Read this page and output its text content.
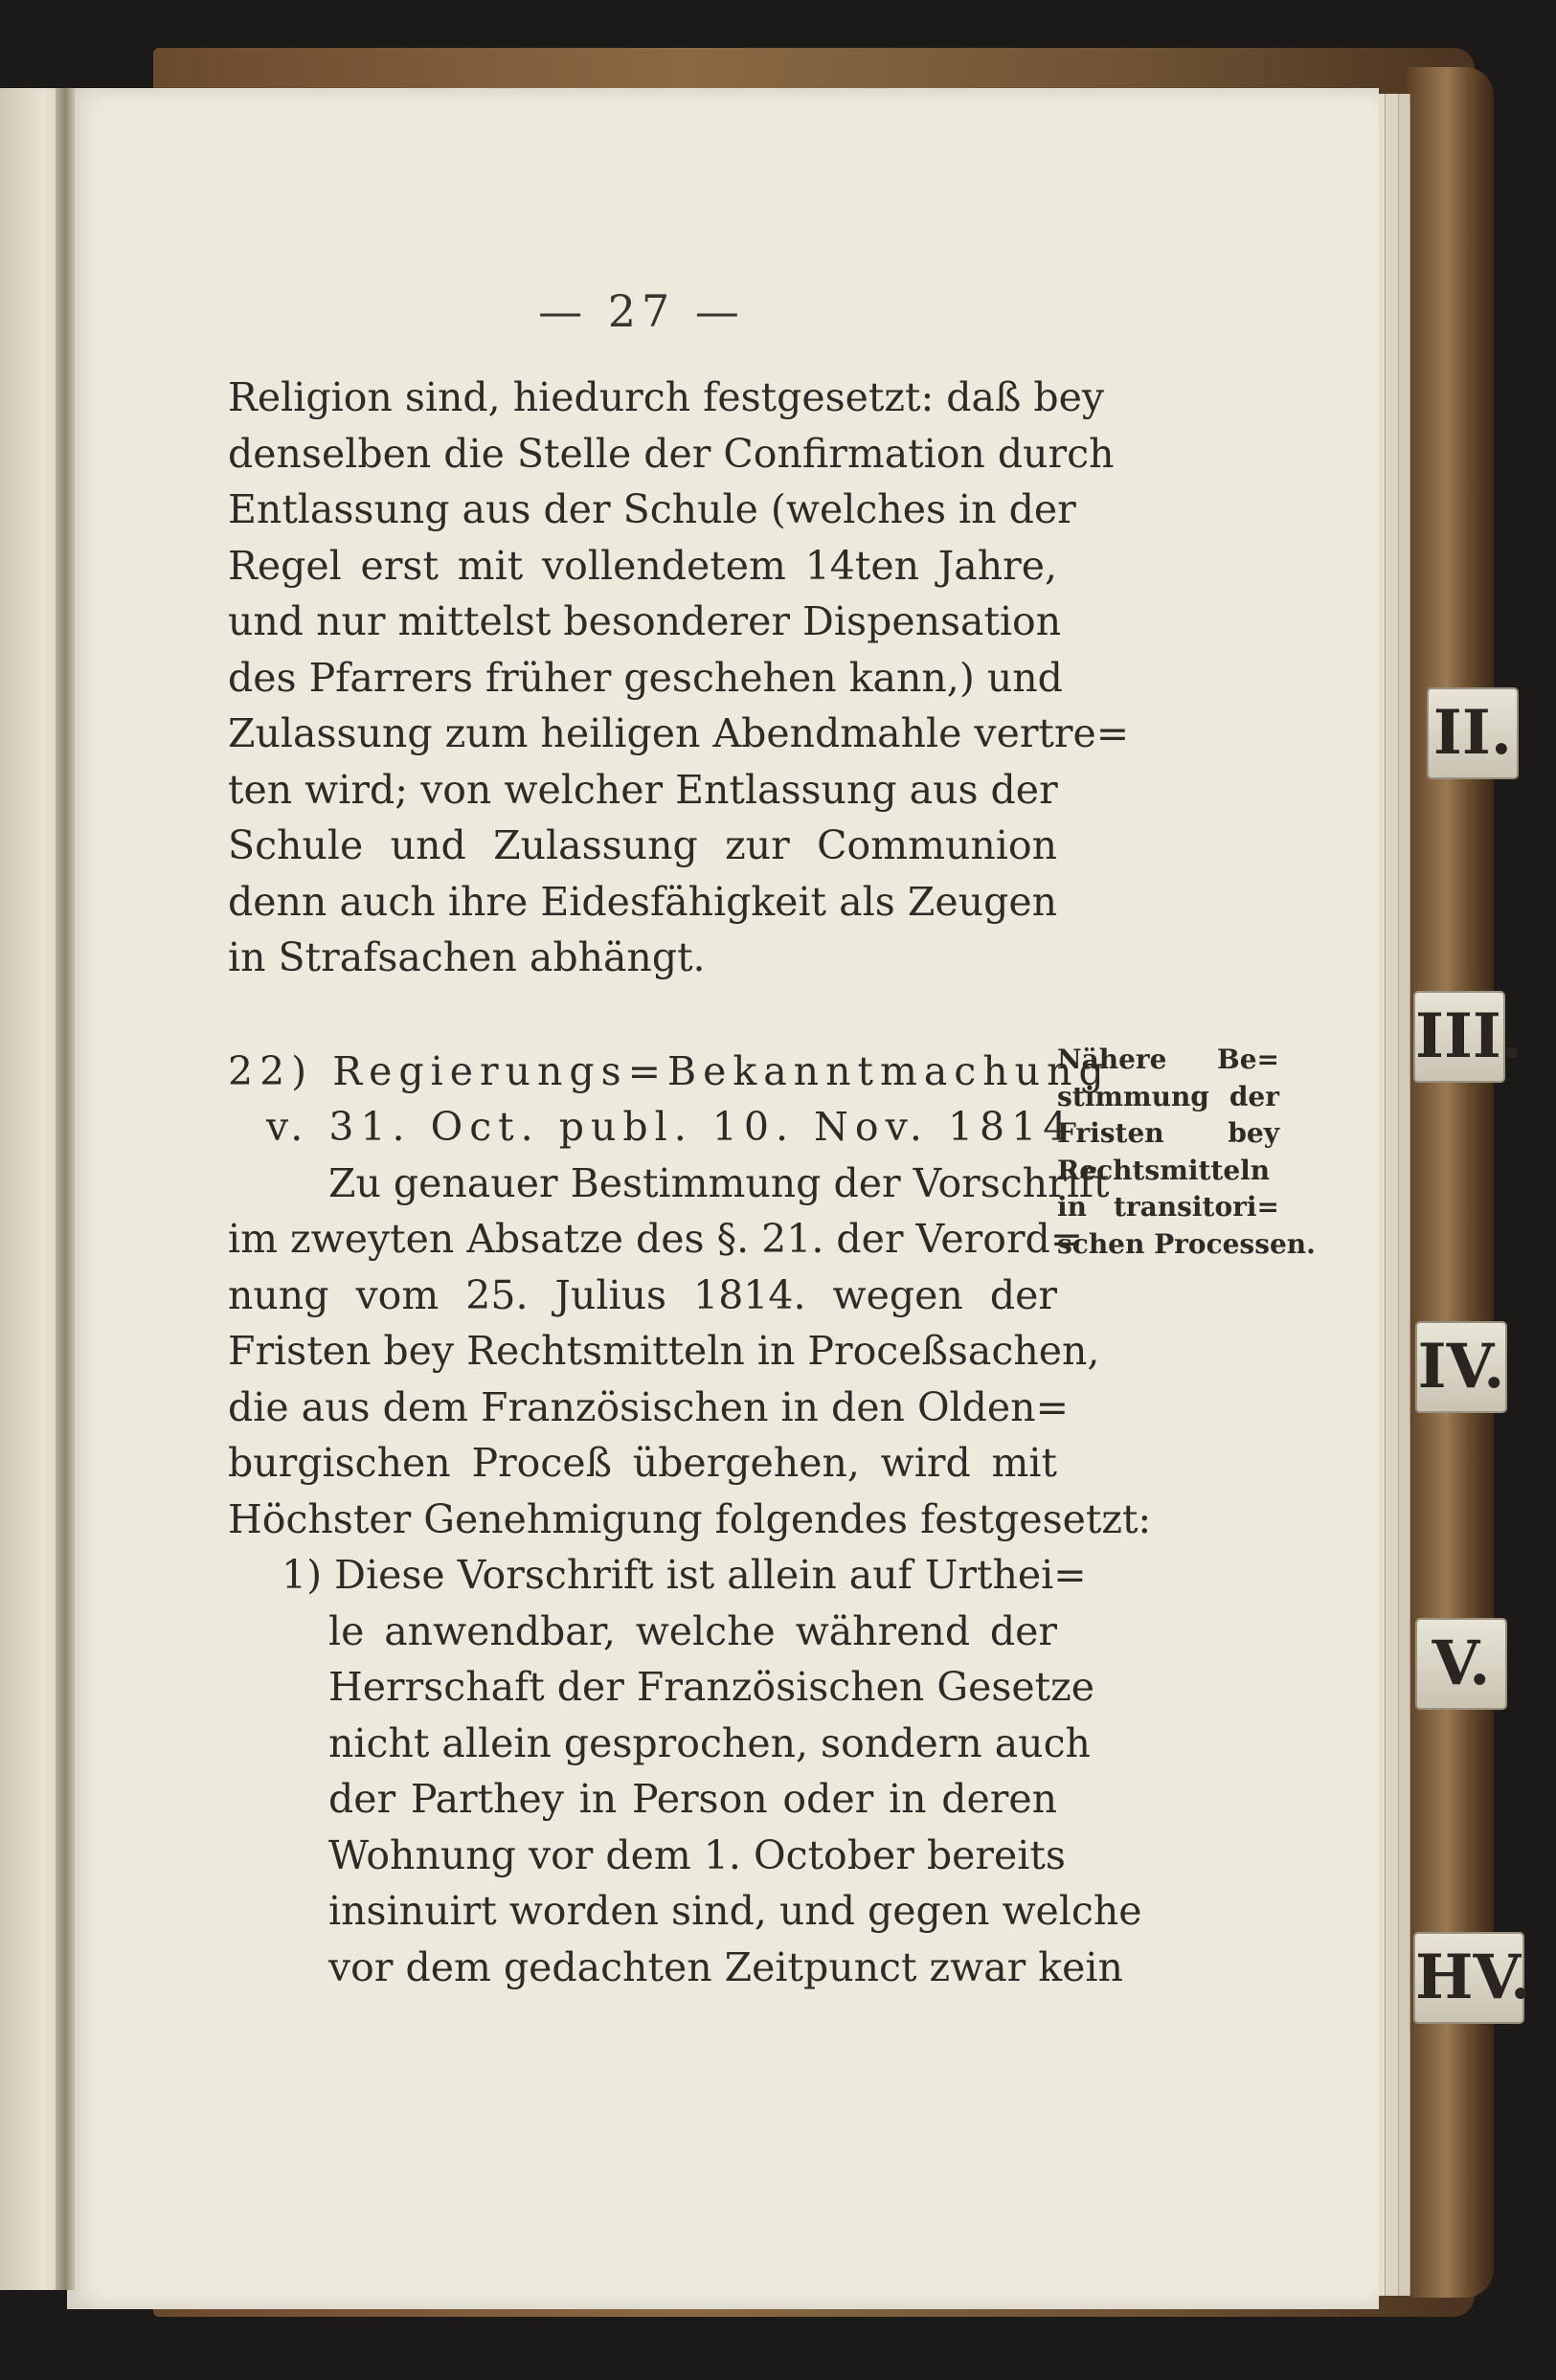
— 27 —
Religion sind, hiedurch festgesetzt: daß bey
denselben die Stelle der Confirmation durch
Entlassung aus der Schule (welches in der
Regel erst mit vollendetem 14ten Jahre,
und nur mittelst besonderer Dispensation
des Pfarrers früher geschehen kann,) und
Zulassung zum heiligen Abendmahle vertre=
ten wird; von welcher Entlassung aus der
Schule und Zulassung zur Communion
denn auch ihre Eidesfähigkeit als Zeugen
in Strafsachen abhängt.
22) Regierungs=Bekanntmachung
v. 31. Oct. publ. 10. Nov. 1814.
Zu genauer Bestimmung der Vorschrift
im zweyten Absatze des §. 21. der Verord=
nung vom 25. Julius 1814. wegen der
Fristen bey Rechtsmitteln in Proceßsachen,
die aus dem Französischen in den Olden=
burgischen Proceß übergehen, wird mit
Höchster Genehmigung folgendes festgesetzt:
1) Diese Vorschrift ist allein auf Urthei=
le anwendbar, welche während der
Herrschaft der Französischen Gesetze
nicht allein gesprochen, sondern auch
der Parthey in Person oder in deren
Wohnung vor dem 1. October bereits
insinuirt worden sind, und gegen welche
vor dem gedachten Zeitpunct zwar kein
Nähere Be=
stimmung der
Fristen bey
Rechtsmitteln
in transitori=
schen Processen.
II.
III.
IV.
V.
HV.
